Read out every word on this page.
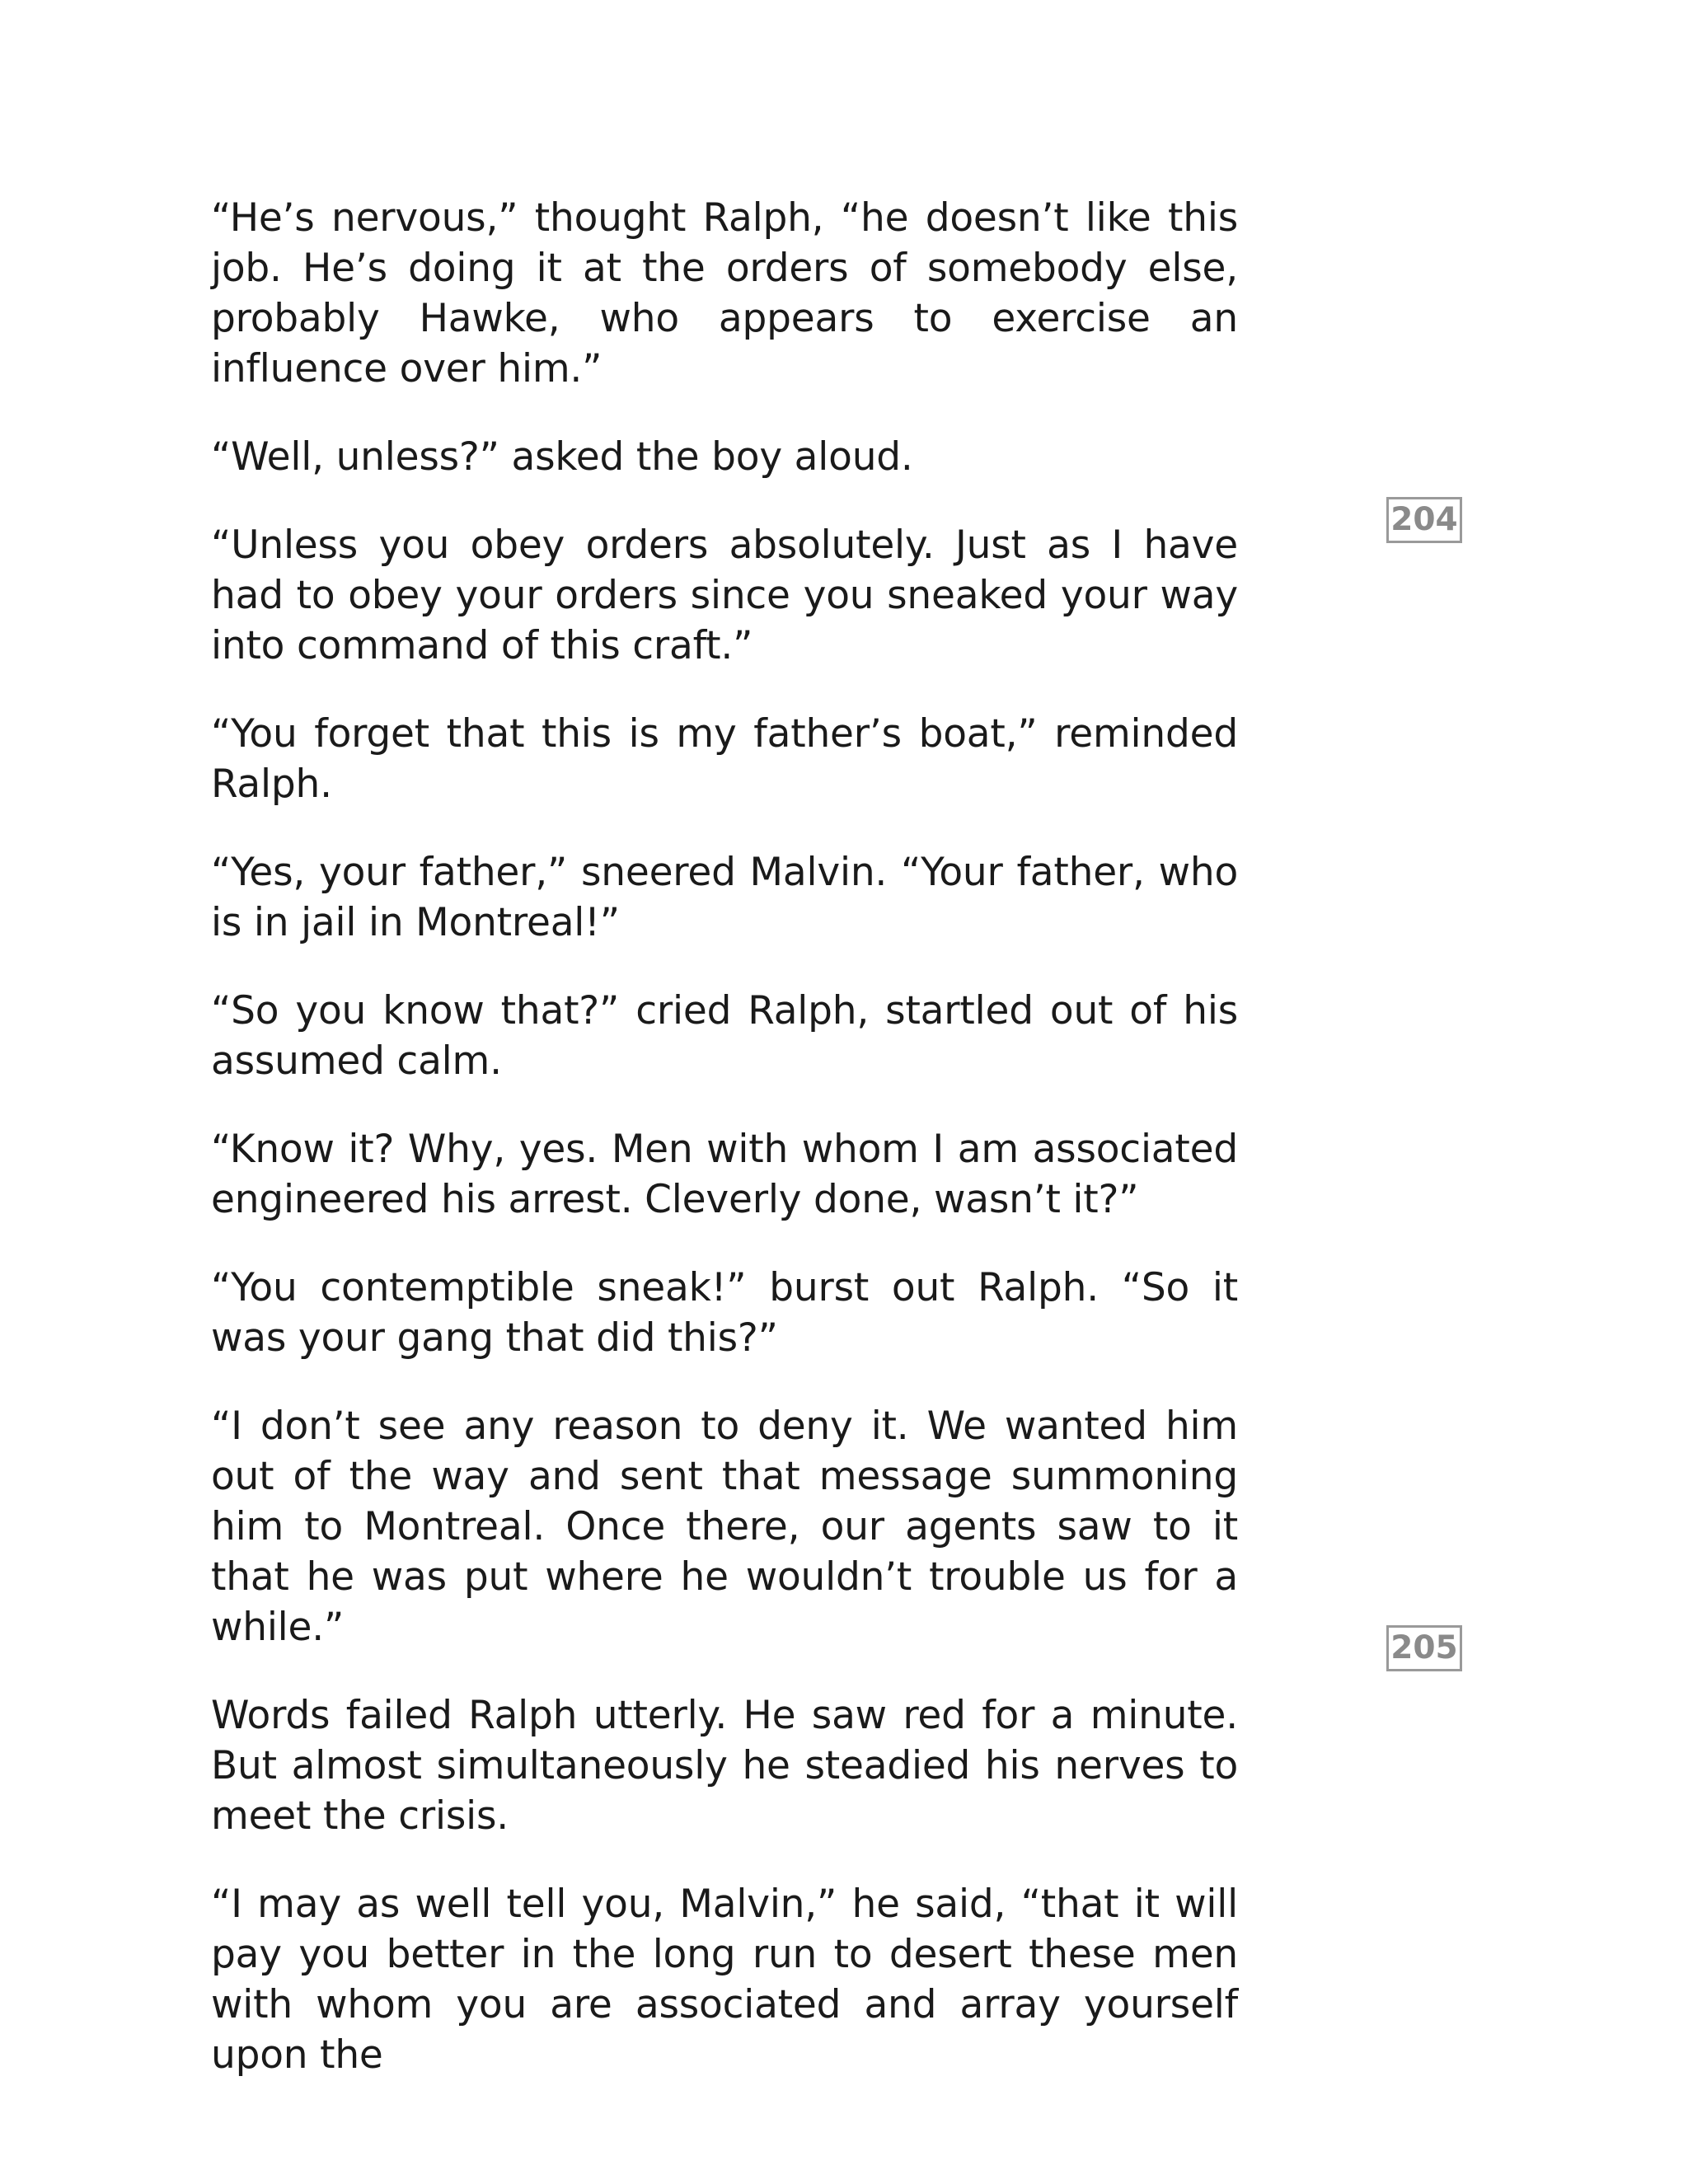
“He’s nervous,” thought Ralph, “he doesn’t like this job. He’s doing it at the orders of somebody else, probably Hawke, who appears to exercise an influence over him.”

“Well, unless?” asked the boy aloud.

“Unless you obey orders absolutely. Just as I have had to obey your orders since you sneaked your way into command of this craft.”

“You forget that this is my father’s boat,” reminded Ralph.

“Yes, your father,” sneered Malvin. “Your father, who is in jail in Montreal!”

“So you know that?” cried Ralph, startled out of his assumed calm.

“Know it? Why, yes. Men with whom I am associated engineered his arrest. Cleverly done, wasn’t it?”

“You contemptible sneak!” burst out Ralph. “So it was your gang that did this?”

“I don’t see any reason to deny it. We wanted him out of the way and sent that message summoning him to Montreal. Once there, our agents saw to it that he was put where he wouldn’t trouble us for a while.”

Words failed Ralph utterly. He saw red for a minute. But almost simultaneously he steadied his nerves to meet the crisis.

“I may as well tell you, Malvin,” he said, “that it will pay you better in the long run to desert these men with whom you are associated and array yourself upon the

204
205
